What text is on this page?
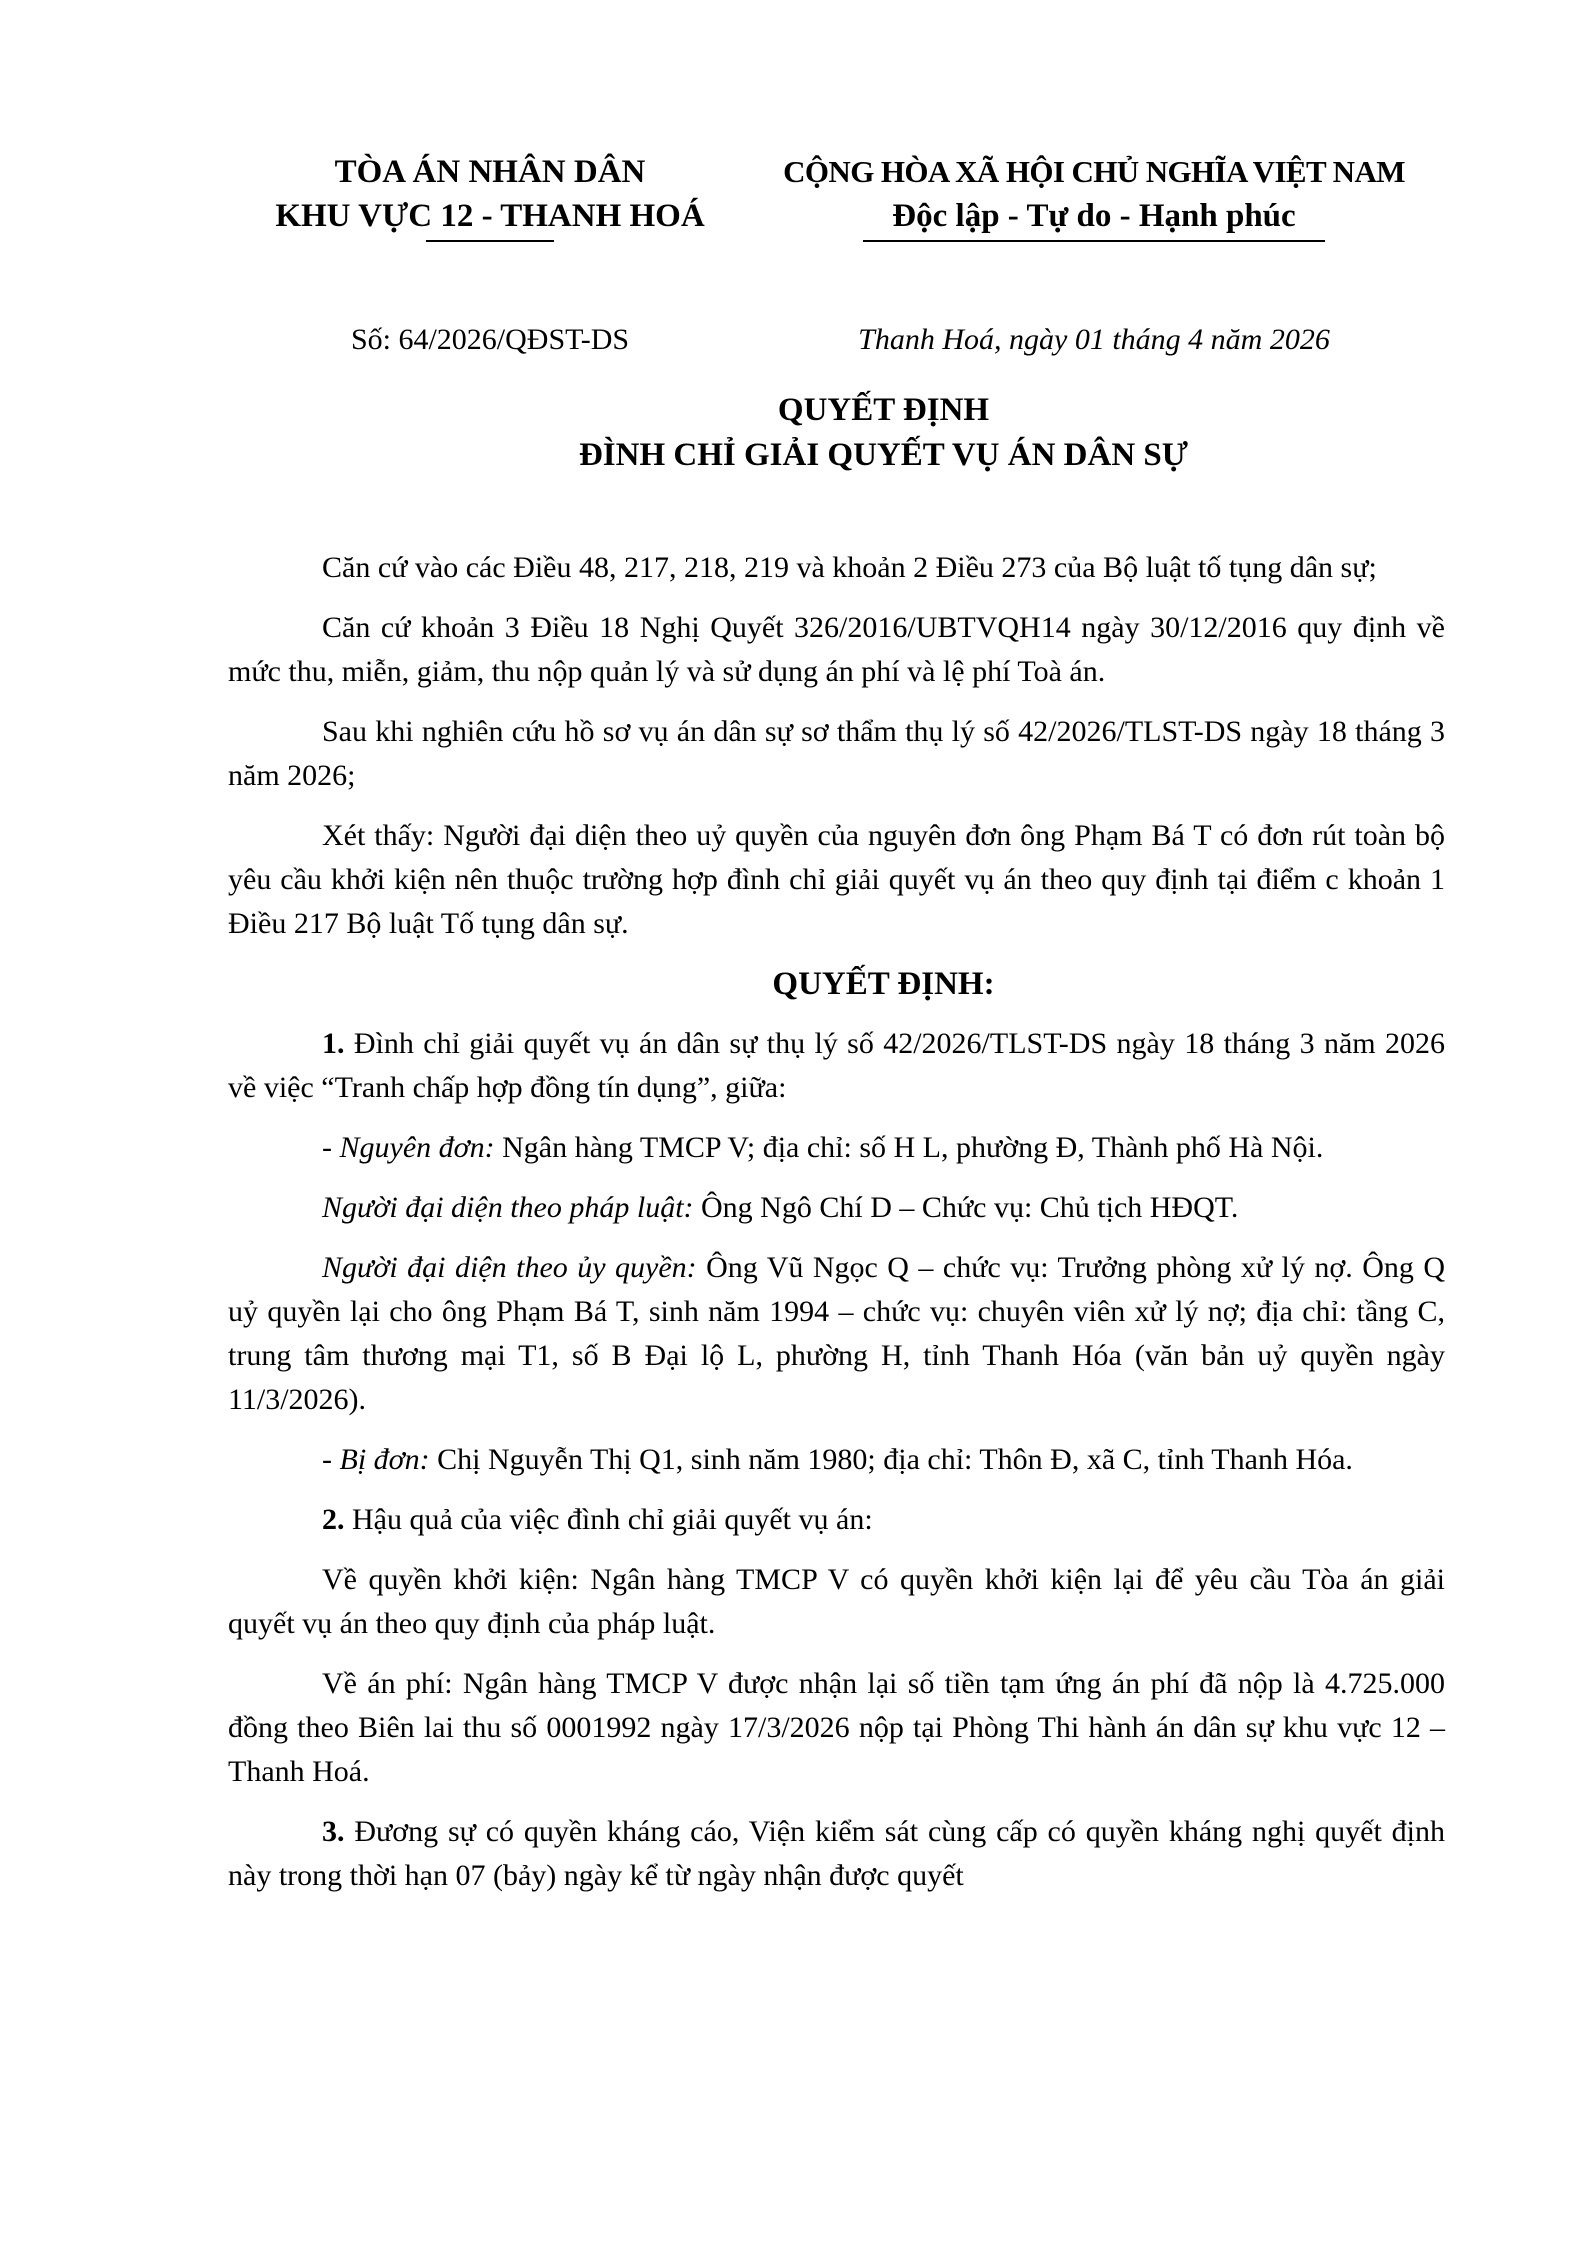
TÒA ÁN NHÂN DÂN
KHU VỰC 12 - THANH HOÁ
CỘNG HÒA XÃ HỘI CHỦ NGHĨA VIỆT NAM
Độc lập - Tự do - Hạnh phúc
Số: 64/2026/QĐST-DS	Thanh Hoá, ngày 01 tháng 4 năm 2026
QUYẾT ĐỊNH
ĐÌNH CHỈ GIẢI QUYẾT VỤ ÁN DÂN SỰ

Căn cứ vào các Điều 48, 217, 218, 219 và khoản 2 Điều 273 của Bộ luật tố tụng dân sự;

Căn cứ khoản 3 Điều 18 Nghị Quyết 326/2016/UBTVQH14 ngày 30/12/2016 quy định về mức thu, miễn, giảm, thu nộp quản lý và sử dụng án phí và lệ phí Toà án.

Sau khi nghiên cứu hồ sơ vụ án dân sự sơ thẩm thụ lý số 42/2026/TLST-DS ngày 18 tháng 3 năm 2026;

Xét thấy: Người đại diện theo uỷ quyền của nguyên đơn ông Phạm Bá T có đơn rút toàn bộ yêu cầu khởi kiện nên thuộc trường hợp đình chỉ giải quyết vụ án theo quy định tại điểm c khoản 1 Điều 217 Bộ luật Tố tụng dân sự.

QUYẾT ĐỊNH:

1. Đình chỉ giải quyết vụ án dân sự thụ lý số 42/2026/TLST-DS ngày 18 tháng 3 năm 2026 về việc “Tranh chấp hợp đồng tín dụng”, giữa:

- Nguyên đơn: Ngân hàng TMCP V; địa chỉ: số H L, phường Đ, Thành phố Hà Nội.

Người đại diện theo pháp luật: Ông Ngô Chí D – Chức vụ: Chủ tịch HĐQT.

Người đại diện theo ủy quyền: Ông Vũ Ngọc Q – chức vụ: Trưởng phòng xử lý nợ. Ông Q uỷ quyền lại cho ông Phạm Bá T, sinh năm 1994 – chức vụ: chuyên viên xử lý nợ; địa chỉ: tầng C, trung tâm thương mại T1, số B Đại lộ L, phường H, tỉnh Thanh Hóa (văn bản uỷ quyền ngày 11/3/2026).

- Bị đơn: Chị Nguyễn Thị Q1, sinh năm 1980; địa chỉ: Thôn Đ, xã C, tỉnh Thanh Hóa.

2. Hậu quả của việc đình chỉ giải quyết vụ án:

Về quyền khởi kiện: Ngân hàng TMCP V có quyền khởi kiện lại để yêu cầu Tòa án giải quyết vụ án theo quy định của pháp luật.

Về án phí: Ngân hàng TMCP V được nhận lại số tiền tạm ứng án phí đã nộp là 4.725.000 đồng theo Biên lai thu số 0001992 ngày 17/3/2026 nộp tại Phòng Thi hành án dân sự khu vực 12 – Thanh Hoá.

3. Đương sự có quyền kháng cáo, Viện kiểm sát cùng cấp có quyền kháng nghị quyết định này trong thời hạn 07 (bảy) ngày kể từ ngày nhận được quyết
